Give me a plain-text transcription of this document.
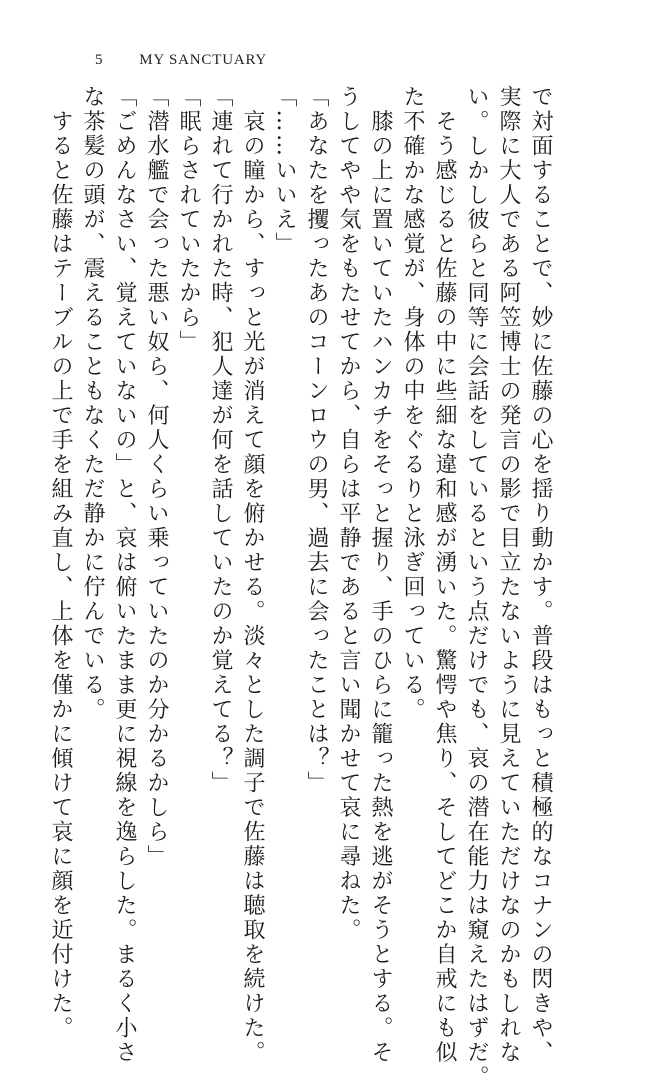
5 MY SANCTUARY
で対面することで、妙に佐藤の心を揺り動かす。普段はもっと積極的なコナンの閃きや、
実際に大人である阿笠博士の発言の影で目立たないように見えていただけなのかもしれな
い。しかし彼らと同等に会話をしているという点だけでも、哀の潜在能力は窺えたはずだ。
　そう感じると佐藤の中に些細な違和感が湧いた。驚愕や焦り、そしてどこか自戒にも似
た不確かな感覚が、身体の中をぐるりと泳ぎ回っている。
　膝の上に置いていたハンカチをそっと握り、手のひらに籠った熱を逃がそうとする。そ
うしてやや気をもたせてから、自らは平静であると言い聞かせて哀に尋ねた。
「あなたを攫ったあのコーンロウの男、過去に会ったことは？」
「……いいえ」
　哀の瞳から、すっと光が消えて顔を俯かせる。淡々とした調子で佐藤は聴取を続けた。
「連れて行かれた時、犯人達が何を話していたのか覚えてる？」
「眠らされていたから」
「潜水艦で会った悪い奴ら、何人くらい乗っていたのか分かるかしら」
「ごめんなさい、覚えていないの」と、哀は俯いたまま更に視線を逸らした。まるく小さ
な茶髪の頭が、震えることもなくただ静かに佇んでいる。
　すると佐藤はテーブルの上で手を組み直し、上体を僅かに傾けて哀に顔を近付けた。
